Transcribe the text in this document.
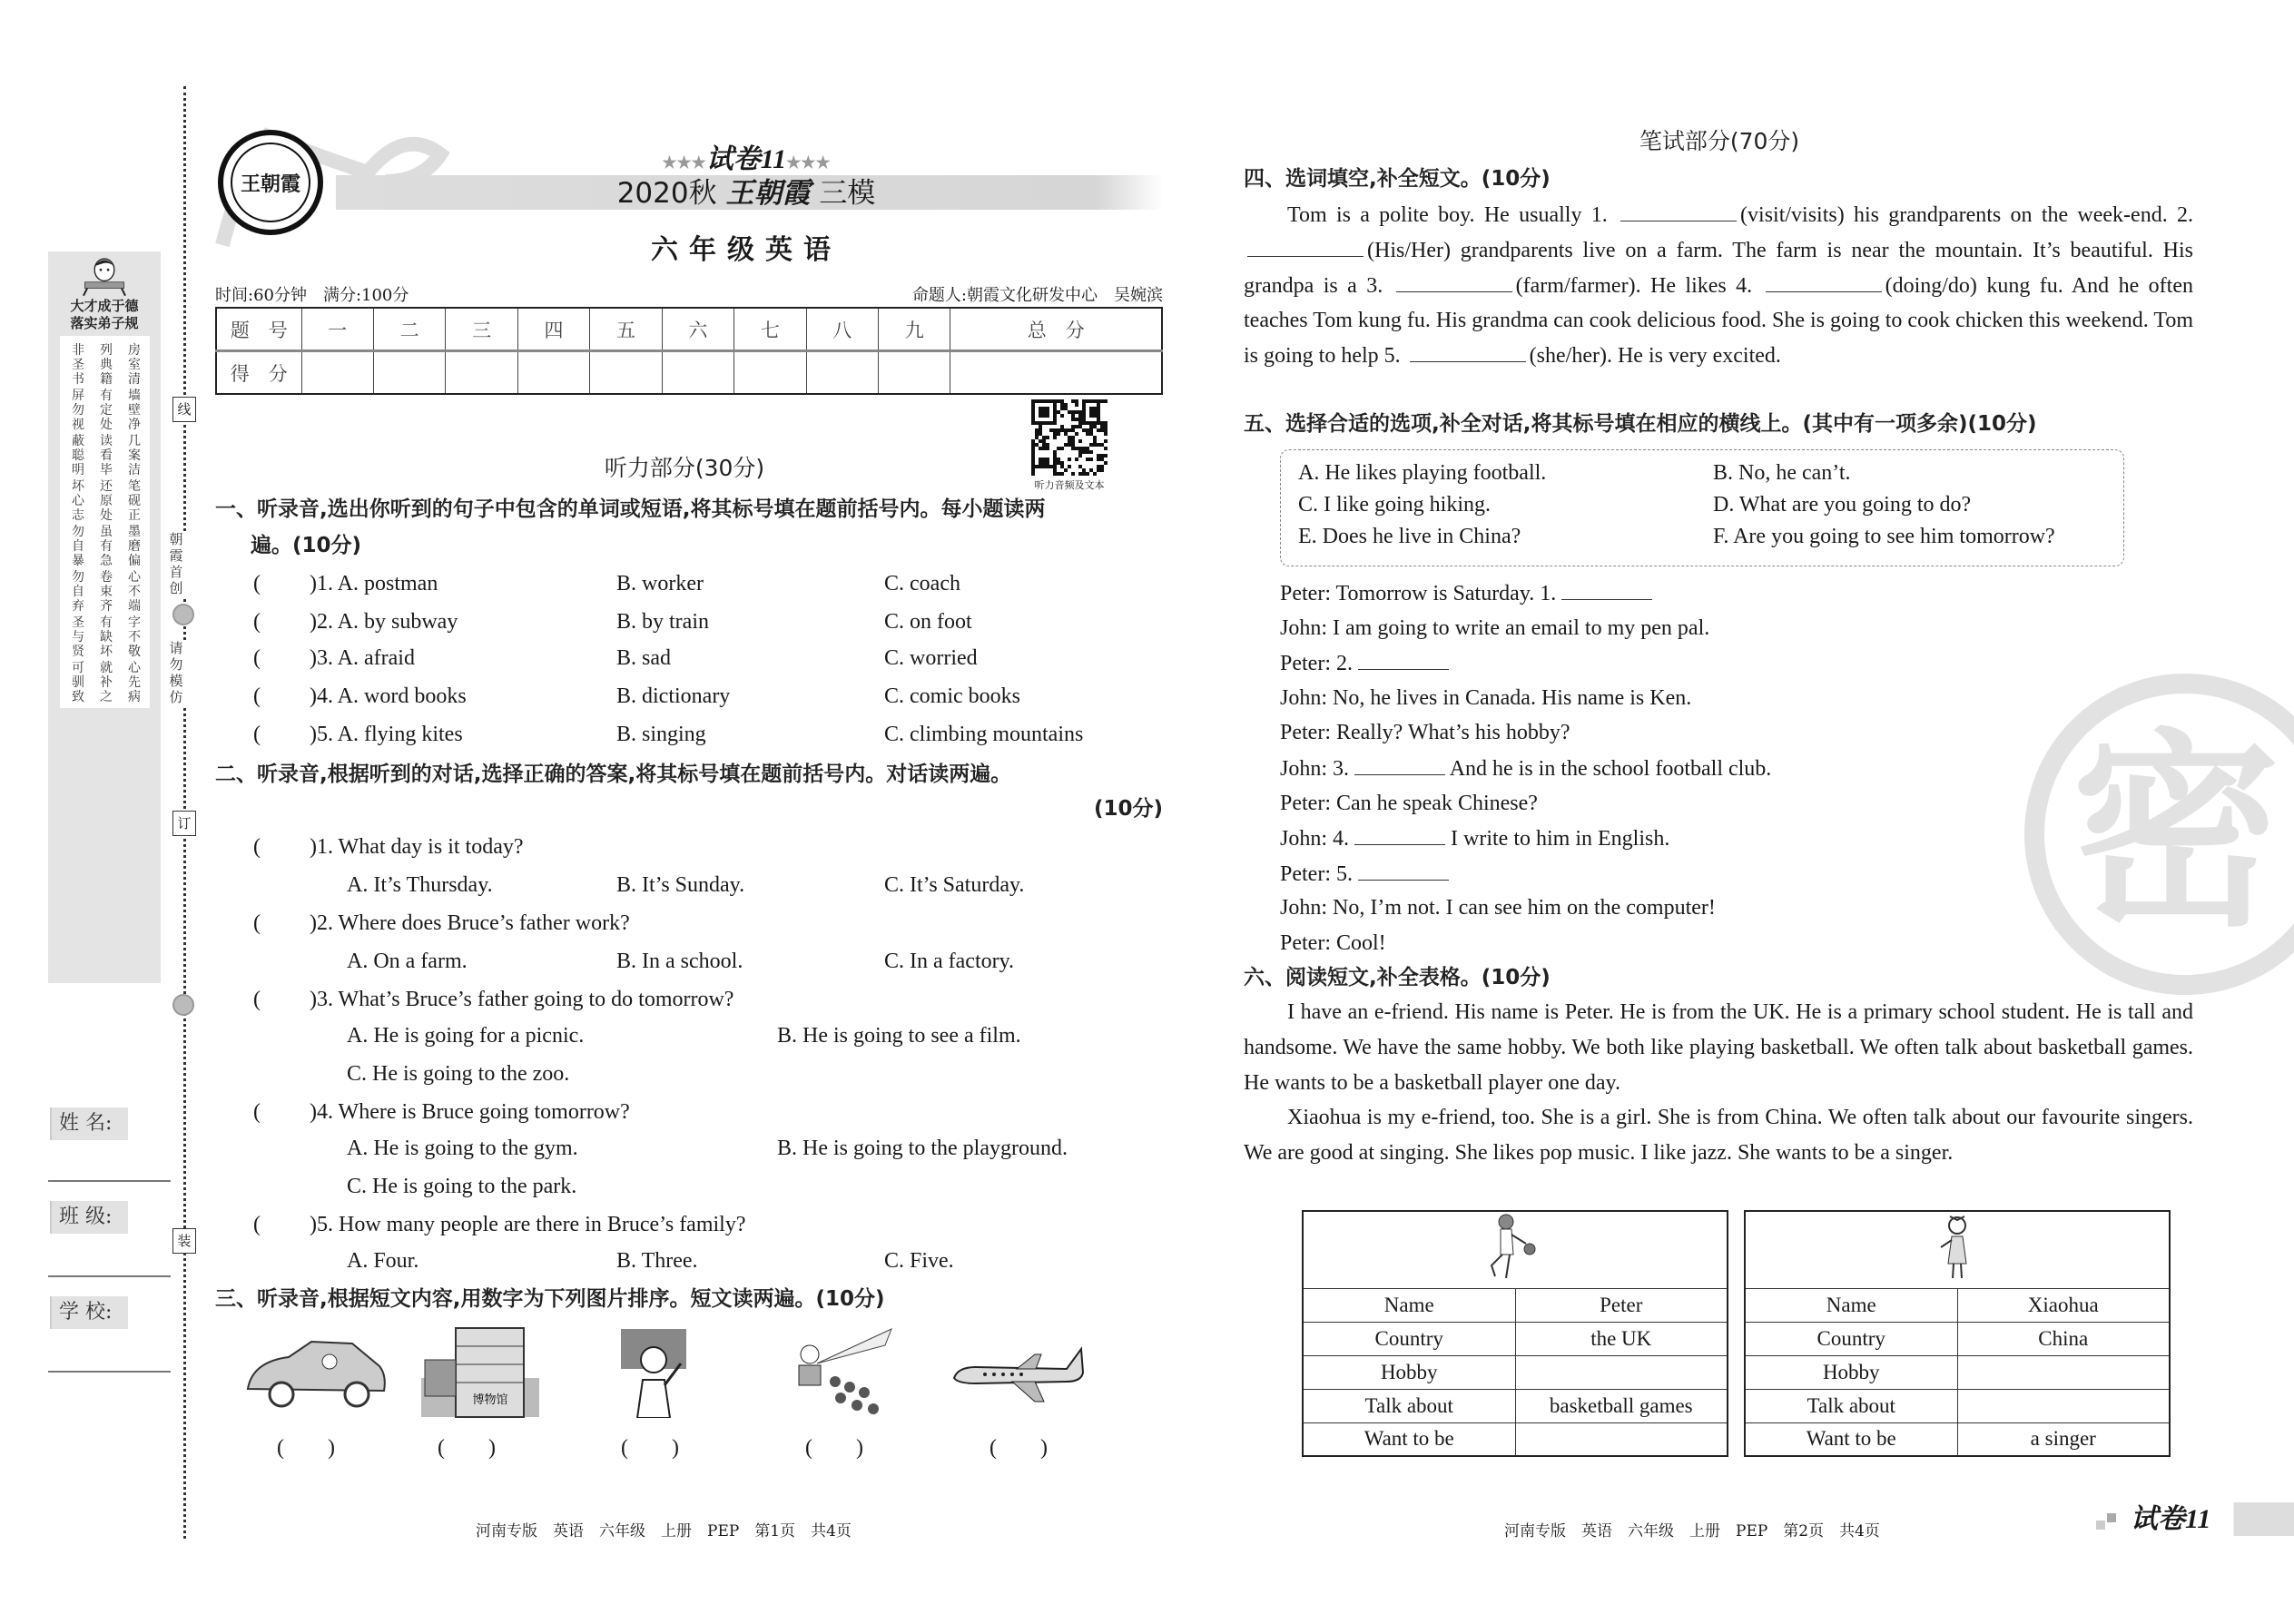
大才成于德
落实弟子规
非圣书
列典籍
房室清
屏勿视
有定处
墙壁净
蔽聪明
读看毕
几案洁
坏心志
还原处
笔砚正
勿自暴
虽有急
墨磨偏
勿自弃
卷束齐
心不端
圣与贤
有缺坏
字不敬
可驯致
就补之
心先病
线
朝霞首创
请勿模仿
订
装
姓 名:
班 级:
学 校:
王朝霞
★★★试卷11★★★
2020秋 王朝霞 三模
六年级英语
时间:60分钟　满分:100分	命题人:朝霞文化研发中心　吴婉滨
题　号	一	二	三	四	五	六	七	八	九	总　分
得　分										
听力音频及文本
听力部分(30分)
一、听录音,选出你听到的句子中包含的单词或短语,将其标号填在题前括号内。每小题读两
遍。(10分)
( )1. A. postman	B. worker	C. coach
( )2. A. by subway	B. by train	C. on foot
( )3. A. afraid	B. sad	C. worried
( )4. A. word books	B. dictionary	C. comic books
( )5. A. flying kites	B. singing	C. climbing mountains
二、听录音,根据听到的对话,选择正确的答案,将其标号填在题前括号内。对话读两遍。
(10分)
( )1. What day is it today?
A. It’s Thursday.	B. It’s Sunday.	C. It’s Saturday.
( )2. Where does Bruce’s father work?
A. On a farm.	B. In a school.	C. In a factory.
( )3. What’s Bruce’s father going to do tomorrow?
A. He is going for a picnic.	B. He is going to see a film.
C. He is going to the zoo.
( )4. Where is Bruce going tomorrow?
A. He is going to the gym.	B. He is going to the playground.
C. He is going to the park.
( )5. How many people are there in Bruce’s family?
A. Four.	B. Three.	C. Five.
三、听录音,根据短文内容,用数字为下列图片排序。短文读两遍。(10分)
博物馆
(　　)	(　　)	(　　)	(　　)	(　　)
河南专版　英语　六年级　上册　PEP　第1页　共4页
密
笔试部分(70分)
四、选词填空,补全短文。(10分)

Tom is a polite boy. He usually 1.	(visit/visits) his grandparents on the week-end. 2. (His/Her) grandparents live on a farm. The farm is near the mountain. It’s beautiful. His grandpa is a 3.	(farm/farmer). He likes 4.	(doing/do) kung fu. And he often teaches Tom kung fu. His grandma can cook delicious food. She is going to cook chicken this weekend. Tom is going to help 5.	(she/her). He is very excited.

五、选择合适的选项,补全对话,将其标号填在相应的横线上。(其中有一项多余)(10分)
A. He likes playing football.	B. No, he can’t.
C. I like going hiking.	D. What are you going to do?
E. Does he live in China?	F. Are you going to see him tomorrow?
Peter: Tomorrow is Saturday. 1.
John: I am going to write an email to my pen pal.
Peter: 2.
John: No, he lives in Canada. His name is Ken.
Peter: Really? What’s his hobby?
John: 3.	And he is in the school football club.
Peter: Can he speak Chinese?
John: 4.	I write to him in English.
Peter: 5.
John: No, I’m not. I can see him on the computer!
Peter: Cool!
六、阅读短文,补全表格。(10分)

I have an e-friend. His name is Peter. He is from the UK. He is a primary school student. He is tall and handsome. We have the same hobby. We both like playing basketball. We often talk about basketball games. He wants to be a basketball player one day.

Xiaohua is my e-friend, too. She is a girl. She is from China. We often talk about our favourite singers. We are good at singing. She likes pop music. I like jazz. She wants to be a singer.

Name	Peter
Country	the UK
Hobby	
Talk about	basketball games
Want to be	

Name	Xiaohua
Country	China
Hobby	
Talk about	
Want to be	a singer
河南专版　英语　六年级　上册　PEP　第2页　共4页	试卷11
